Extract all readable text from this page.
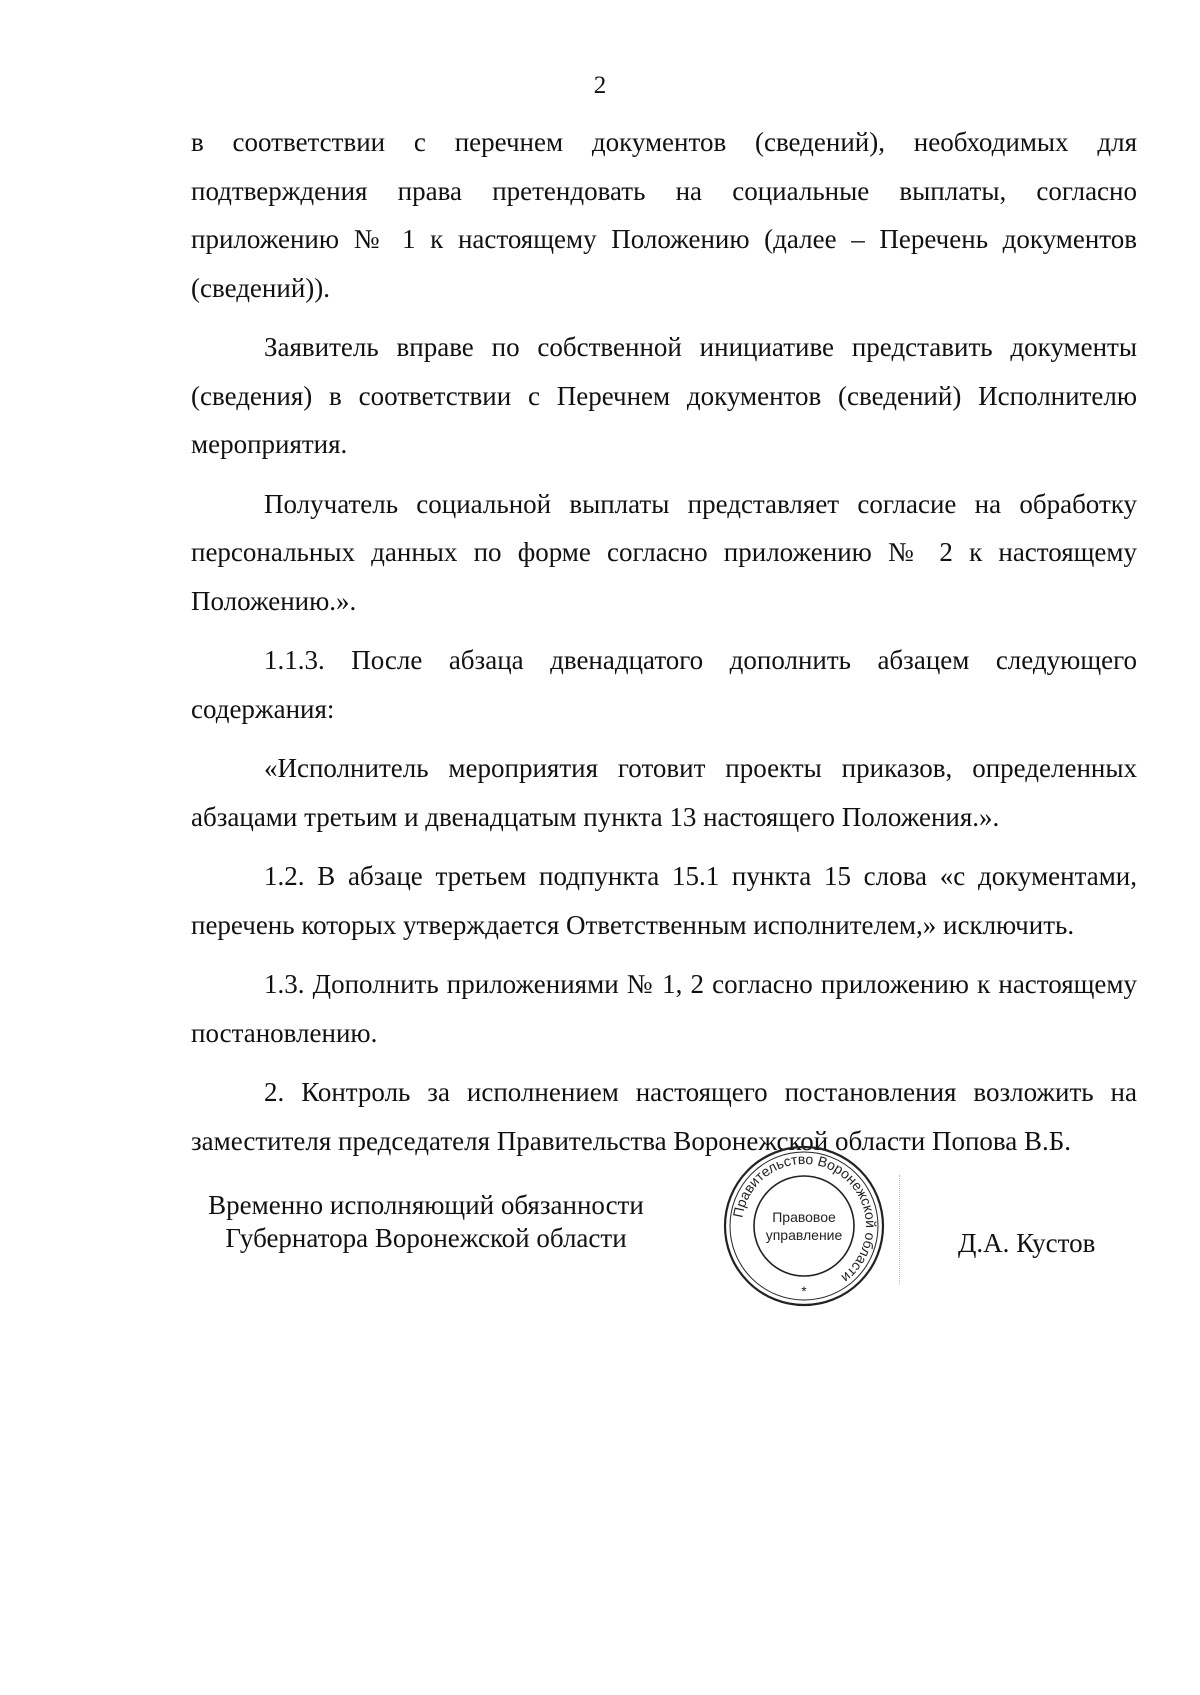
2

в соответствии с перечнем документов (сведений), необходимых для подтверждения права претендовать на социальные выплаты, согласно приложению № 1 к настоящему Положению (далее – Перечень документов (сведений)).

Заявитель вправе по собственной инициативе представить документы (сведения) в соответствии с Перечнем документов (сведений) Исполнителю мероприятия.

Получатель социальной выплаты представляет согласие на обработку персональных данных по форме согласно приложению № 2 к настоящему Положению.».

1.1.3. После абзаца двенадцатого дополнить абзацем следующего содержания:

«Исполнитель мероприятия готовит проекты приказов, определенных абзацами третьим и двенадцатым пункта 13 настоящего Положения.».

1.2. В абзаце третьем подпункта 15.1 пункта 15 слова «с документами, перечень которых утверждается Ответственным исполнителем,» исключить.

1.3. Дополнить приложениями № 1, 2 согласно приложению к настоящему постановлению.

2. Контроль за исполнением настоящего постановления возложить на заместителя председателя Правительства Воронежской области Попова В.Б.

Временно исполняющий обязанности
Губернатора Воронежской области
Правительство Воронежской области
Правовое
управление
*
Д.А. Кустов
